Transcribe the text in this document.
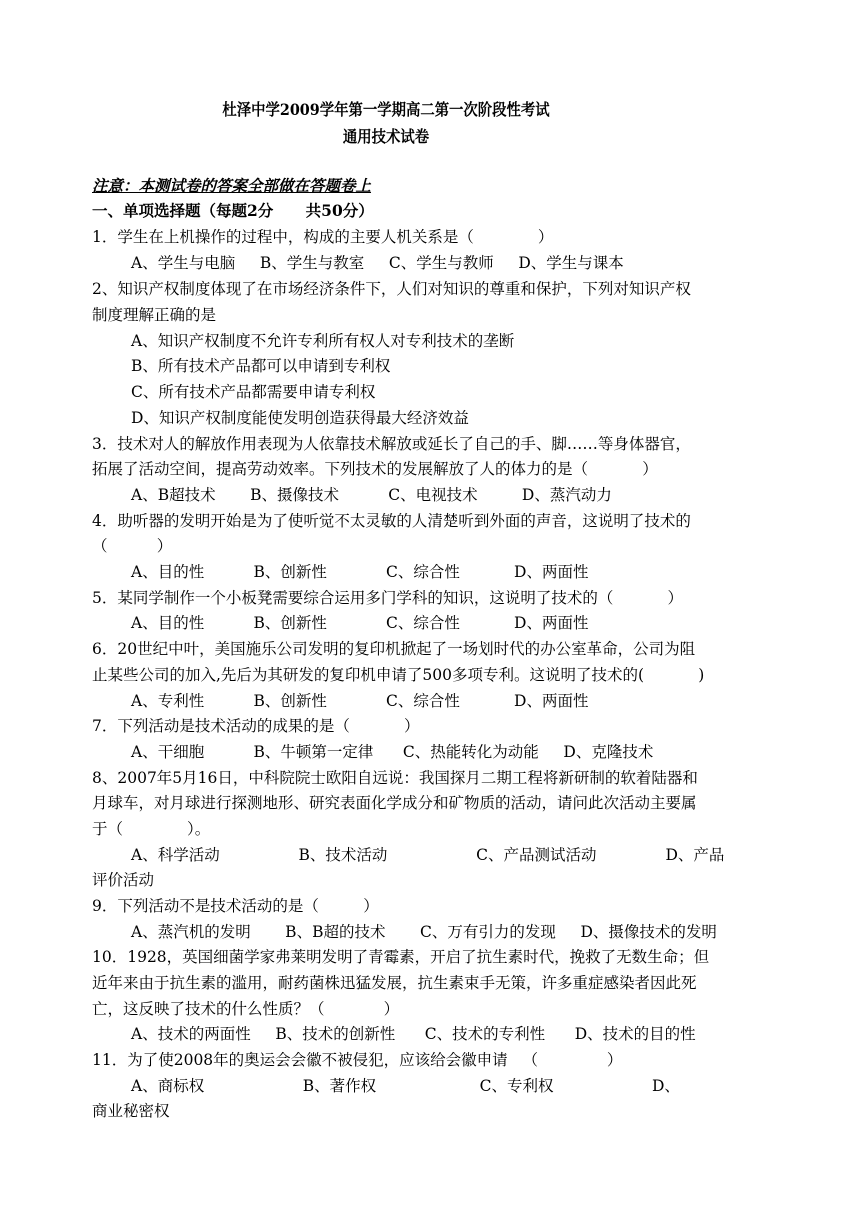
杜泽中学2009学年第一学期高二第一次阶段性考试
通用技术试卷
注意：本测试卷的答案全部做在答题卷上
一、单项选择题（每题2分      共50分）
1．学生在上机操作的过程中，构成的主要人机关系是（             ）
A、学生与电脑     B、学生与教室     C、学生与教师     D、学生与课本
2、知识产权制度体现了在市场经济条件下，人们对知识的尊重和保护，下列对知识产权
制度理解正确的是
A、知识产权制度不允许专利所有权人对专利技术的垄断
B、所有技术产品都可以申请到专利权
C、所有技术产品都需要申请专利权
D、知识产权制度能使发明创造获得最大经济效益
3．技术对人的解放作用表现为人依靠技术解放或延长了自己的手、脚……等身体器官，
拓展了活动空间，提高劳动效率。下列技术的发展解放了人的体力的是（           ）
A、B超技术       B、摄像技术          C、电视技术         D、蒸汽动力
4．助听器的发明开始是为了使听觉不太灵敏的人清楚听到外面的声音，这说明了技术的
（          ）
A、目的性          B、创新性            C、综合性           D、两面性
5．某同学制作一个小板凳需要综合运用多门学科的知识，这说明了技术的（           ）
A、目的性          B、创新性            C、综合性           D、两面性
6．20世纪中叶，美国施乐公司发明的复印机掀起了一场划时代的办公室革命，公司为阻
止某些公司的加入,先后为其研发的复印机申请了500多项专利。这说明了技术的(           )
A、专利性          B、创新性            C、综合性           D、两面性
7．下列活动是技术活动的成果的是（           ）
A、干细胞          B、牛顿第一定律      C、热能转化为动能     D、克隆技术
8、2007年5月16日，中科院院士欧阳自远说：我国探月二期工程将新研制的软着陆器和
月球车，对月球进行探测地形、研究表面化学成分和矿物质的活动，请问此次活动主要属
于（             ）。
A、科学活动                B、技术活动                  C、产品测试活动              D、产品
评价活动
9．下列活动不是技术活动的是（         ）
A、蒸汽机的发明       B、B超的技术       C、万有引力的发现     D、摄像技术的发明
10．1928，英国细菌学家弗莱明发明了青霉素，开启了抗生素时代，挽救了无数生命；但
近年来由于抗生素的滥用，耐药菌株迅猛发展，抗生素束手无策，许多重症感染者因此死
亡，这反映了技术的什么性质？（            ）
A、技术的两面性     B、技术的创新性      C、技术的专利性      D、技术的目的性
11．为了使2008年的奥运会会徽不被侵犯，应该给会徽申请   （              ）
A、商标权                    B、著作权                     C、专利权                    D、
商业秘密权
